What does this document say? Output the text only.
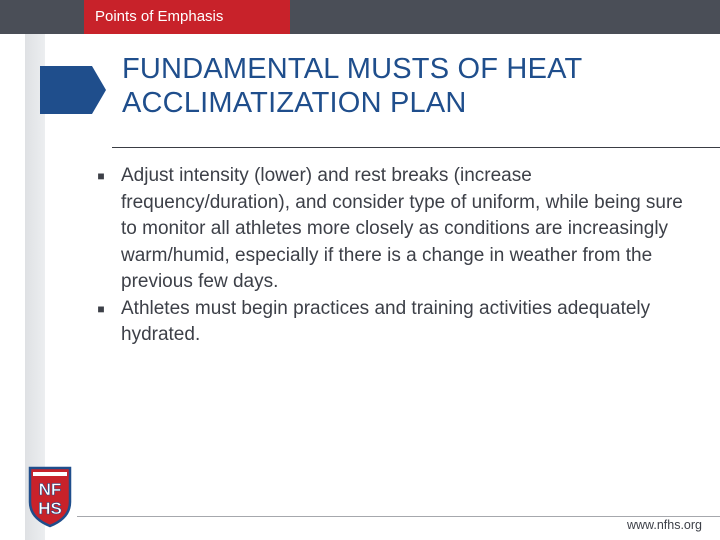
Points of Emphasis
FUNDAMENTAL MUSTS OF HEAT ACCLIMATIZATION PLAN
■ Adjust intensity (lower) and rest breaks (increase frequency/duration), and consider type of uniform, while being sure to monitor all athletes more closely as conditions are increasingly warm/humid, especially if there is a change in weather from the previous few days.
■ Athletes must begin practices and training activities adequately hydrated.
NF
HS
www.nfhs.org
